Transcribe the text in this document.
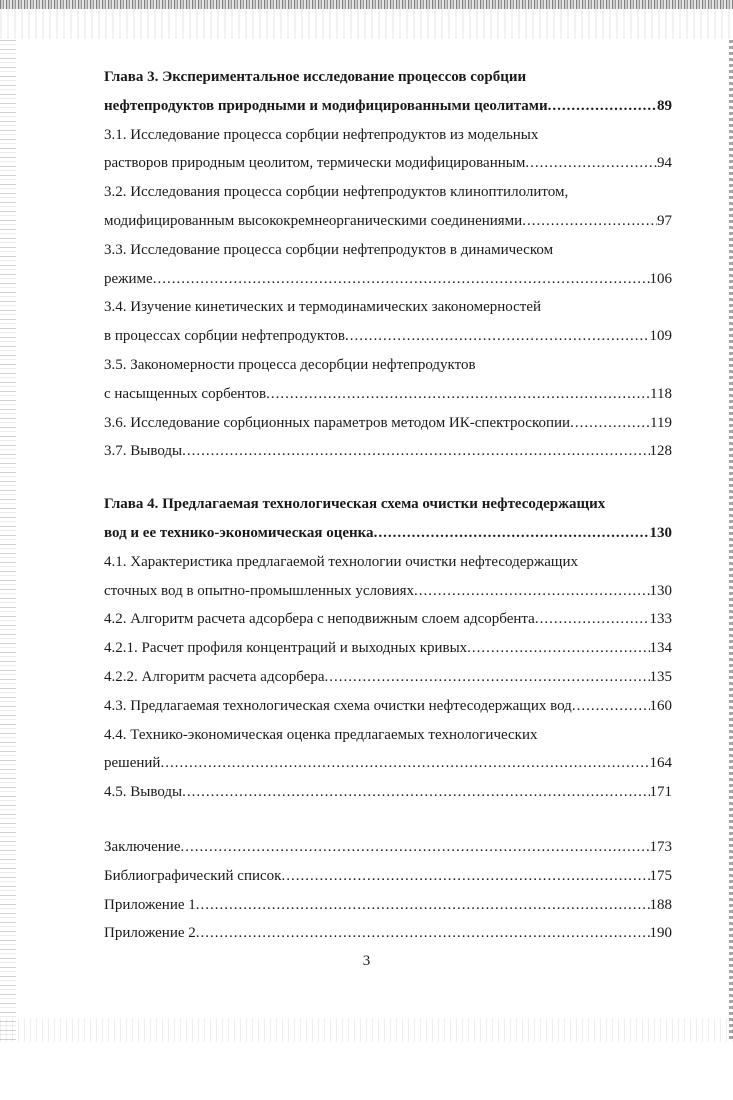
Глава 3. Экспериментальное исследование процессов сорбции
нефтепродуктов природными и модифицированными цеолитами .....	89
3.1. Исследование процесса сорбции нефтепродуктов из модельных
растворов природным цеолитом, термически модифицированным .....	94
3.2. Исследования процесса сорбции нефтепродуктов клиноптилолитом,
модифицированным высококремнеорганическими соединениями .....	97
3.3. Исследование процесса сорбции нефтепродуктов в динамическом
режиме .....	106
3.4. Изучение кинетических и термодинамических закономерностей
в процессах сорбции нефтепродуктов .....	109
3.5. Закономерности процесса десорбции нефтепродуктов
с насыщенных сорбентов .....	118
3.6. Исследование сорбционных параметров методом ИК-спектроскопии .....	119
3.7. Выводы .....	128
Глава 4. Предлагаемая технологическая схема очистки нефтесодержащих
вод и ее технико-экономическая оценка .....	130
4.1. Характеристика предлагаемой технологии очистки нефтесодержащих
сточных вод в опытно-промышленных условиях .....	130
4.2. Алгоритм расчета адсорбера с неподвижным слоем адсорбента .....	133
4.2.1. Расчет профиля концентраций и выходных кривых .....	134
4.2.2. Алгоритм расчета адсорбера .....	135
4.3. Предлагаемая технологическая схема очистки нефтесодержащих вод .....	160
4.4. Технико-экономическая оценка предлагаемых технологических
решений .....	164
4.5. Выводы .....	171
Заключение .....	173
Библиографический список .....	175
Приложение 1 .....	188
Приложение 2 .....	190
3
